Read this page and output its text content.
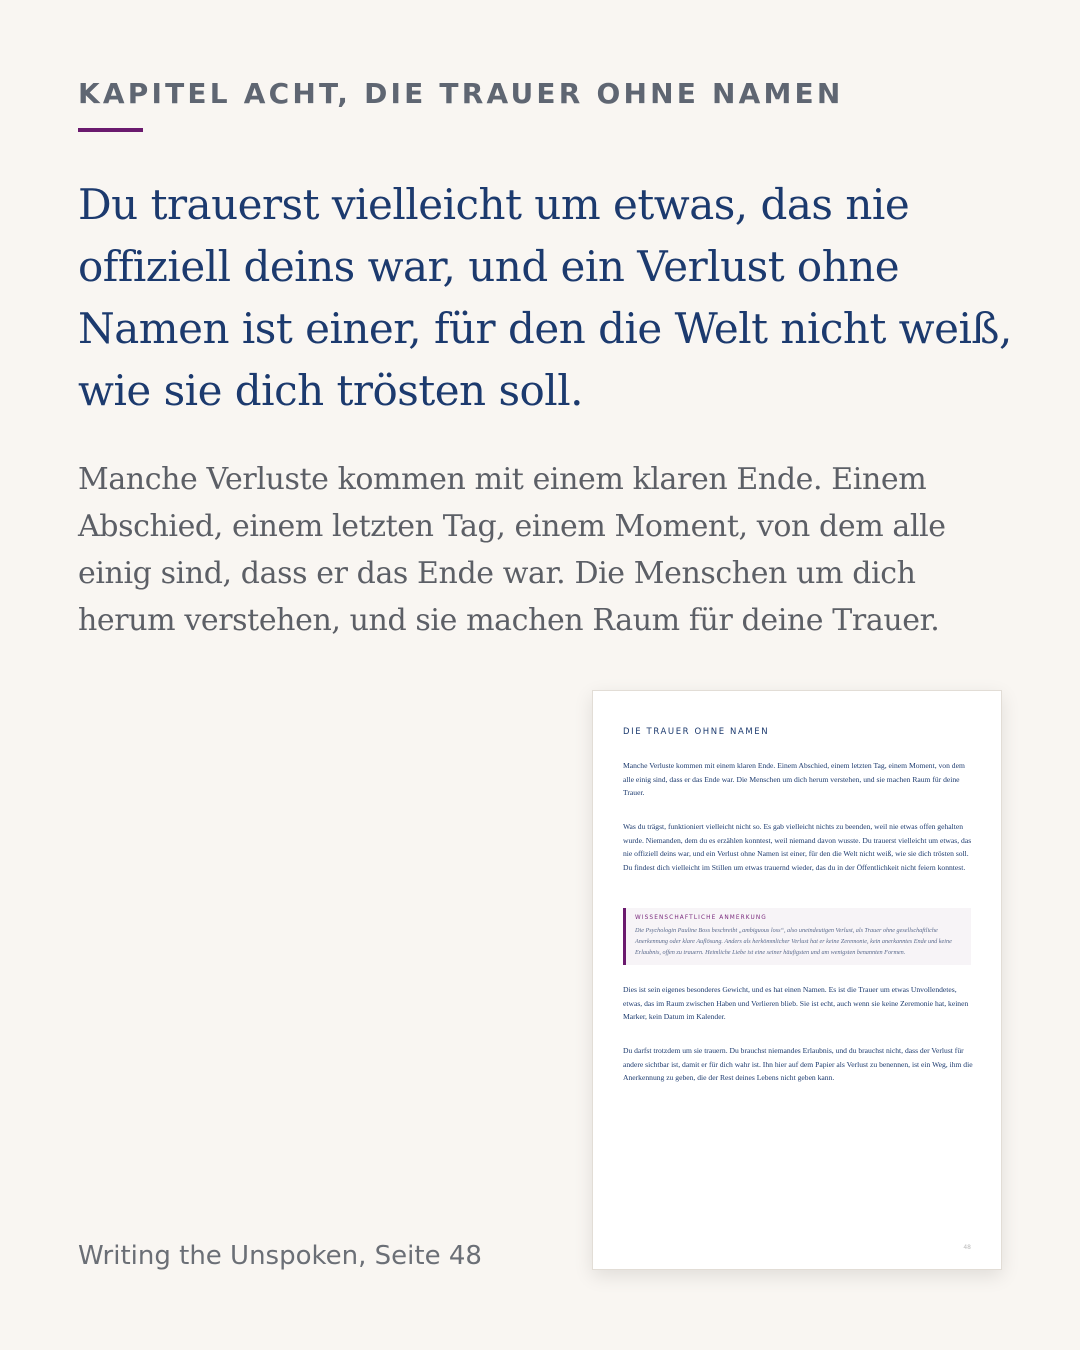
KAPITEL ACHT, DIE TRAUER OHNE NAMEN
Du trauerst vielleicht um etwas, das nie offiziell deins war, und ein Verlust ohne Namen ist einer, für den die Welt nicht weiß, wie sie dich trösten soll.

Manche Verluste kommen mit einem klaren Ende. Einem Abschied, einem letzten Tag, einem Moment, von dem alle einig sind, dass er das Ende war. Die Menschen um dich herum verstehen, und sie machen Raum für deine Trauer.

Writing the Unspoken, Seite 48

DIE TRAUER OHNE NAMEN

Manche Verluste kommen mit einem klaren Ende. Einem Abschied, einem letzten Tag, einem Moment, von dem alle einig sind, dass er das Ende war. Die Menschen um dich herum verstehen, und sie machen Raum für deine Trauer.

Was du trägst, funktioniert vielleicht nicht so. Es gab vielleicht nichts zu beenden, weil nie etwas offen gehalten wurde. Niemanden, dem du es erzählen konntest, weil niemand davon wusste. Du trauerst vielleicht um etwas, das nie offiziell deins war, und ein Verlust ohne Namen ist einer, für den die Welt nicht weiß, wie sie dich trösten soll. Du findest dich vielleicht im Stillen um etwas trauernd wieder, das du in der Öffentlichkeit nicht feiern konntest.

WISSENSCHAFTLICHE ANMERKUNG

Die Psychologin Pauline Boss beschreibt „ambiguous loss“, also uneindeutigen Verlust, als Trauer ohne gesellschaftliche Anerkennung oder klare Auflösung. Anders als herkömmlicher Verlust hat er keine Zeremonie, kein anerkanntes Ende und keine Erlaubnis, offen zu trauern. Heimliche Liebe ist eine seiner häufigsten und am wenigsten benannten Formen.

Dies ist sein eigenes besonderes Gewicht, und es hat einen Namen. Es ist die Trauer um etwas Unvollendetes, etwas, das im Raum zwischen Haben und Verlieren blieb. Sie ist echt, auch wenn sie keine Zeremonie hat, keinen Marker, kein Datum im Kalender.

Du darfst trotzdem um sie trauern. Du brauchst niemandes Erlaubnis, und du brauchst nicht, dass der Verlust für andere sichtbar ist, damit er für dich wahr ist. Ihn hier auf dem Papier als Verlust zu benennen, ist ein Weg, ihm die Anerkennung zu geben, die der Rest deines Lebens nicht geben kann.

48
